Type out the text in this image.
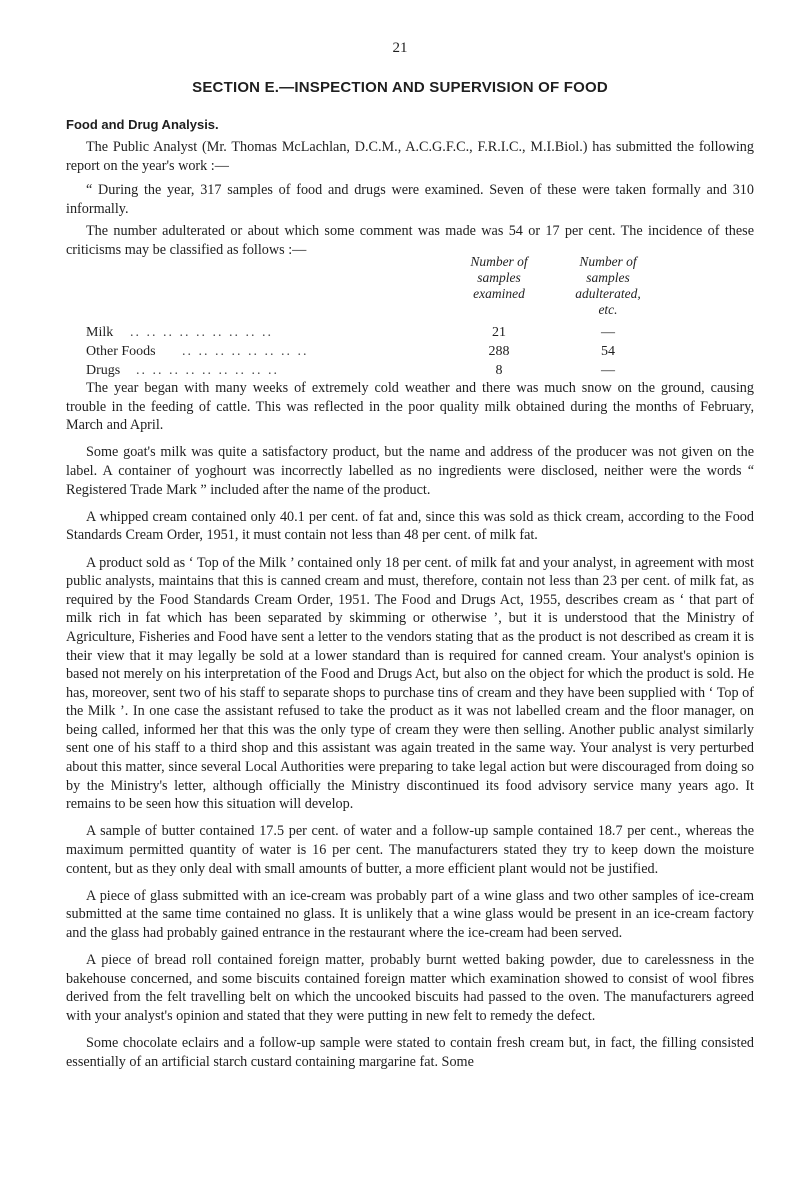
21
SECTION E.—INSPECTION AND SUPERVISION OF FOOD
Food and Drug Analysis.

The Public Analyst (Mr. Thomas McLachlan, D.C.M., A.C.G.F.C., F.R.I.C., M.I.Biol.) has submitted the following report on the year's work :—

“ During the year, 317 samples of food and drugs were examined. Seven of these were taken formally and 310 informally.

The number adulterated or about which some comment was made was 54 or 17 per cent. The incidence of these criticisms may be classified as follows :—

Number of
samples
examined
Number of
samples
adulterated,
etc.
Milk .. .. .. .. .. .. .. .. ..	21	—
Other Foods .. .. .. .. .. .. .. ..	288	54
Drugs .. .. .. .. .. .. .. .. ..	8	—

The year began with many weeks of extremely cold weather and there was much snow on the ground, causing trouble in the feeding of cattle. This was reflected in the poor quality milk obtained during the months of February, March and April.

Some goat's milk was quite a satisfactory product, but the name and address of the producer was not given on the label. A container of yoghourt was incorrectly labelled as no ingredients were disclosed, neither were the words “ Registered Trade Mark ” included after the name of the product.

A whipped cream contained only 40.1 per cent. of fat and, since this was sold as thick cream, according to the Food Standards Cream Order, 1951, it must contain not less than 48 per cent. of milk fat.

A product sold as ‘ Top of the Milk ’ contained only 18 per cent. of milk fat and your analyst, in agreement with most public analysts, maintains that this is canned cream and must, therefore, contain not less than 23 per cent. of milk fat, as required by the Food Standards Cream Order, 1951. The Food and Drugs Act, 1955, describes cream as ‘ that part of milk rich in fat which has been separated by skimming or otherwise ’, but it is understood that the Ministry of Agriculture, Fisheries and Food have sent a letter to the vendors stating that as the product is not described as cream it is their view that it may legally be sold at a lower standard than is required for canned cream. Your analyst's opinion is based not merely on his interpretation of the Food and Drugs Act, but also on the object for which the product is sold. He has, moreover, sent two of his staff to separate shops to purchase tins of cream and they have been supplied with ‘ Top of the Milk ’. In one case the assistant refused to take the product as it was not labelled cream and the floor manager, on being called, informed her that this was the only type of cream they were then selling. Another public analyst similarly sent one of his staff to a third shop and this assistant was again treated in the same way. Your analyst is very perturbed about this matter, since several Local Authorities were preparing to take legal action but were discouraged from doing so by the Ministry's letter, although officially the Ministry discontinued its food advisory service many years ago. It remains to be seen how this situation will develop.

A sample of butter contained 17.5 per cent. of water and a follow-up sample contained 18.7 per cent., whereas the maximum permitted quantity of water is 16 per cent. The manufacturers stated they try to keep down the moisture content, but as they only deal with small amounts of butter, a more efficient plant would not be justified.

A piece of glass submitted with an ice-cream was probably part of a wine glass and two other samples of ice-cream submitted at the same time contained no glass. It is unlikely that a wine glass would be present in an ice-cream factory and the glass had probably gained entrance in the restaurant where the ice-cream had been served.

A piece of bread roll contained foreign matter, probably burnt wetted baking powder, due to carelessness in the bakehouse concerned, and some biscuits contained foreign matter which examination showed to consist of wool fibres derived from the felt travelling belt on which the uncooked biscuits had passed to the oven. The manufacturers agreed with your analyst's opinion and stated that they were putting in new felt to remedy the defect.

Some chocolate eclairs and a follow-up sample were stated to contain fresh cream but, in fact, the filling consisted essentially of an artificial starch custard containing margarine fat. Some
